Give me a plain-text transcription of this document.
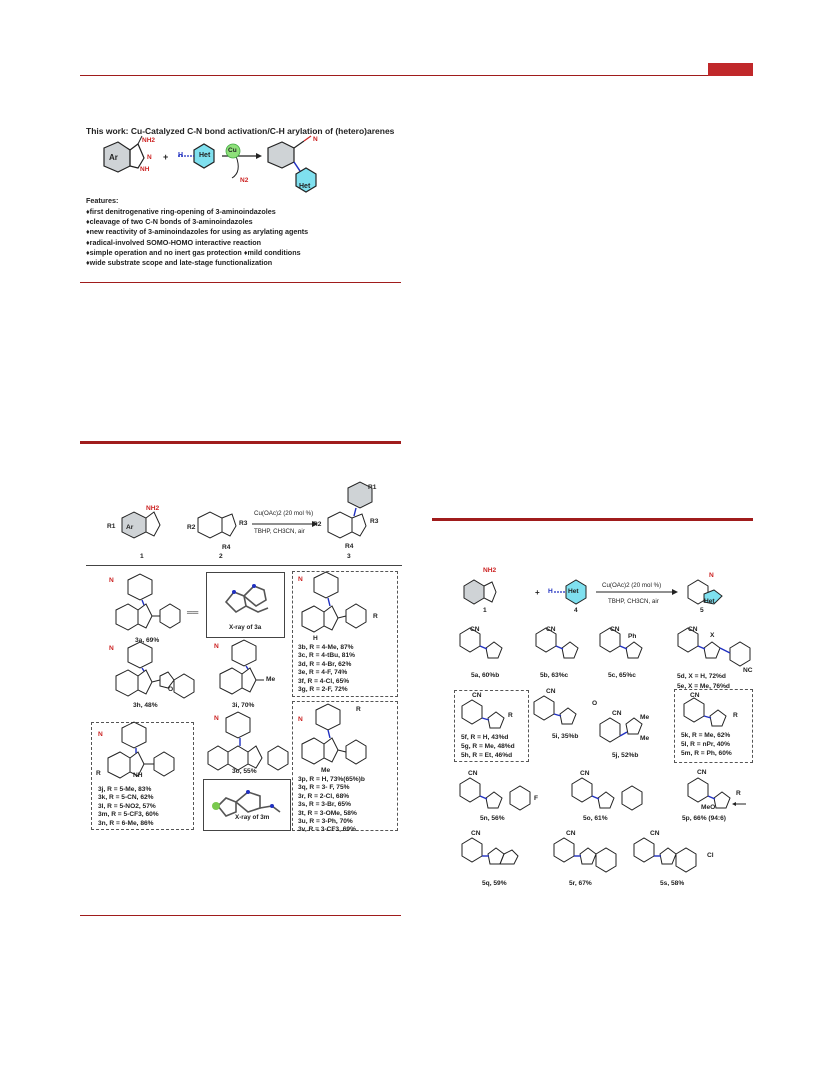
This work: Cu-Catalyzed C-N bond activation/C-H arylation of (hetero)arenes
Ar
NH2
N
NH
+ H Het
Cu
N2
N
Het
Features:
♦first denitrogenative ring-opening of 3-aminoindazoles
♦cleavage of two C-N bonds of 3-aminoindazoles
♦new reactivity of 3-aminoindazoles for using as arylating agents
♦radical-involved SOMO-HOMO interactive reaction
♦simple operation and no inert gas protection ♦mild conditions
♦wide substrate scope and late-stage functionalization
Cu(OAc)2 (20 mol %)
TBHP, CH3CN, air
R1 Ar
NH2
R2
R3
R4
1	2	3
R1
R2	R3
R4
N
3a, 69%
══
X-ray of 3a
N
R
H
3b, R = 4-Me, 87%
3c, R = 4-tBu, 81%
3d, R = 4-Br, 62%
3e, R = 4-F, 74%
3f, R = 4-Cl, 65%
3g, R = 2-F, 72%
N
O
3h, 48%
N
Me
3i, 70%
N
R
Me
3p, R = H, 73%(65%)b
3q, R = 3- F, 75%
3r, R = 2-Cl, 68%
3s, R = 3-Br, 65%
3t, R = 3-OMe, 58%
3u, R = 3-Ph, 70%
3v, R = 3-CF3, 69%
N
R	NH
3j, R = 5-Me, 83%
3k, R = 5-CN, 62%
3l, R = 5-NO2, 57%
3m, R = 5-CF3, 60%
3n, R = 6-Me, 86%
N
3o, 55%
X-ray of 3m
NH2
+ H Het
Cu(OAc)2 (20 mol %)
TBHP, CH3CN, air
N
Het
1	4	5
CN	CN	CN
Ph
CN
X
NC
5a, 60%b	5b, 63%c	5c, 65%c	5d, X = H, 72%d
5e, X = Me, 76%d
CN
R
5f, R = H, 43%d
5g, R = Me, 48%d
5h, R = Et, 46%d
CN
O
5i, 35%b
CN
Me
Me
5j, 52%b
CN
R
5k, R = Me, 62%
5l, R = nPr, 40%
5m, R = Ph, 60%
CN
F
5n, 56%
CN
5o, 61%
CN
R
MeO
5p, 66% (94:6)
CN
5q, 59%
CN
5r, 67%
CN
Cl
5s, 58%
